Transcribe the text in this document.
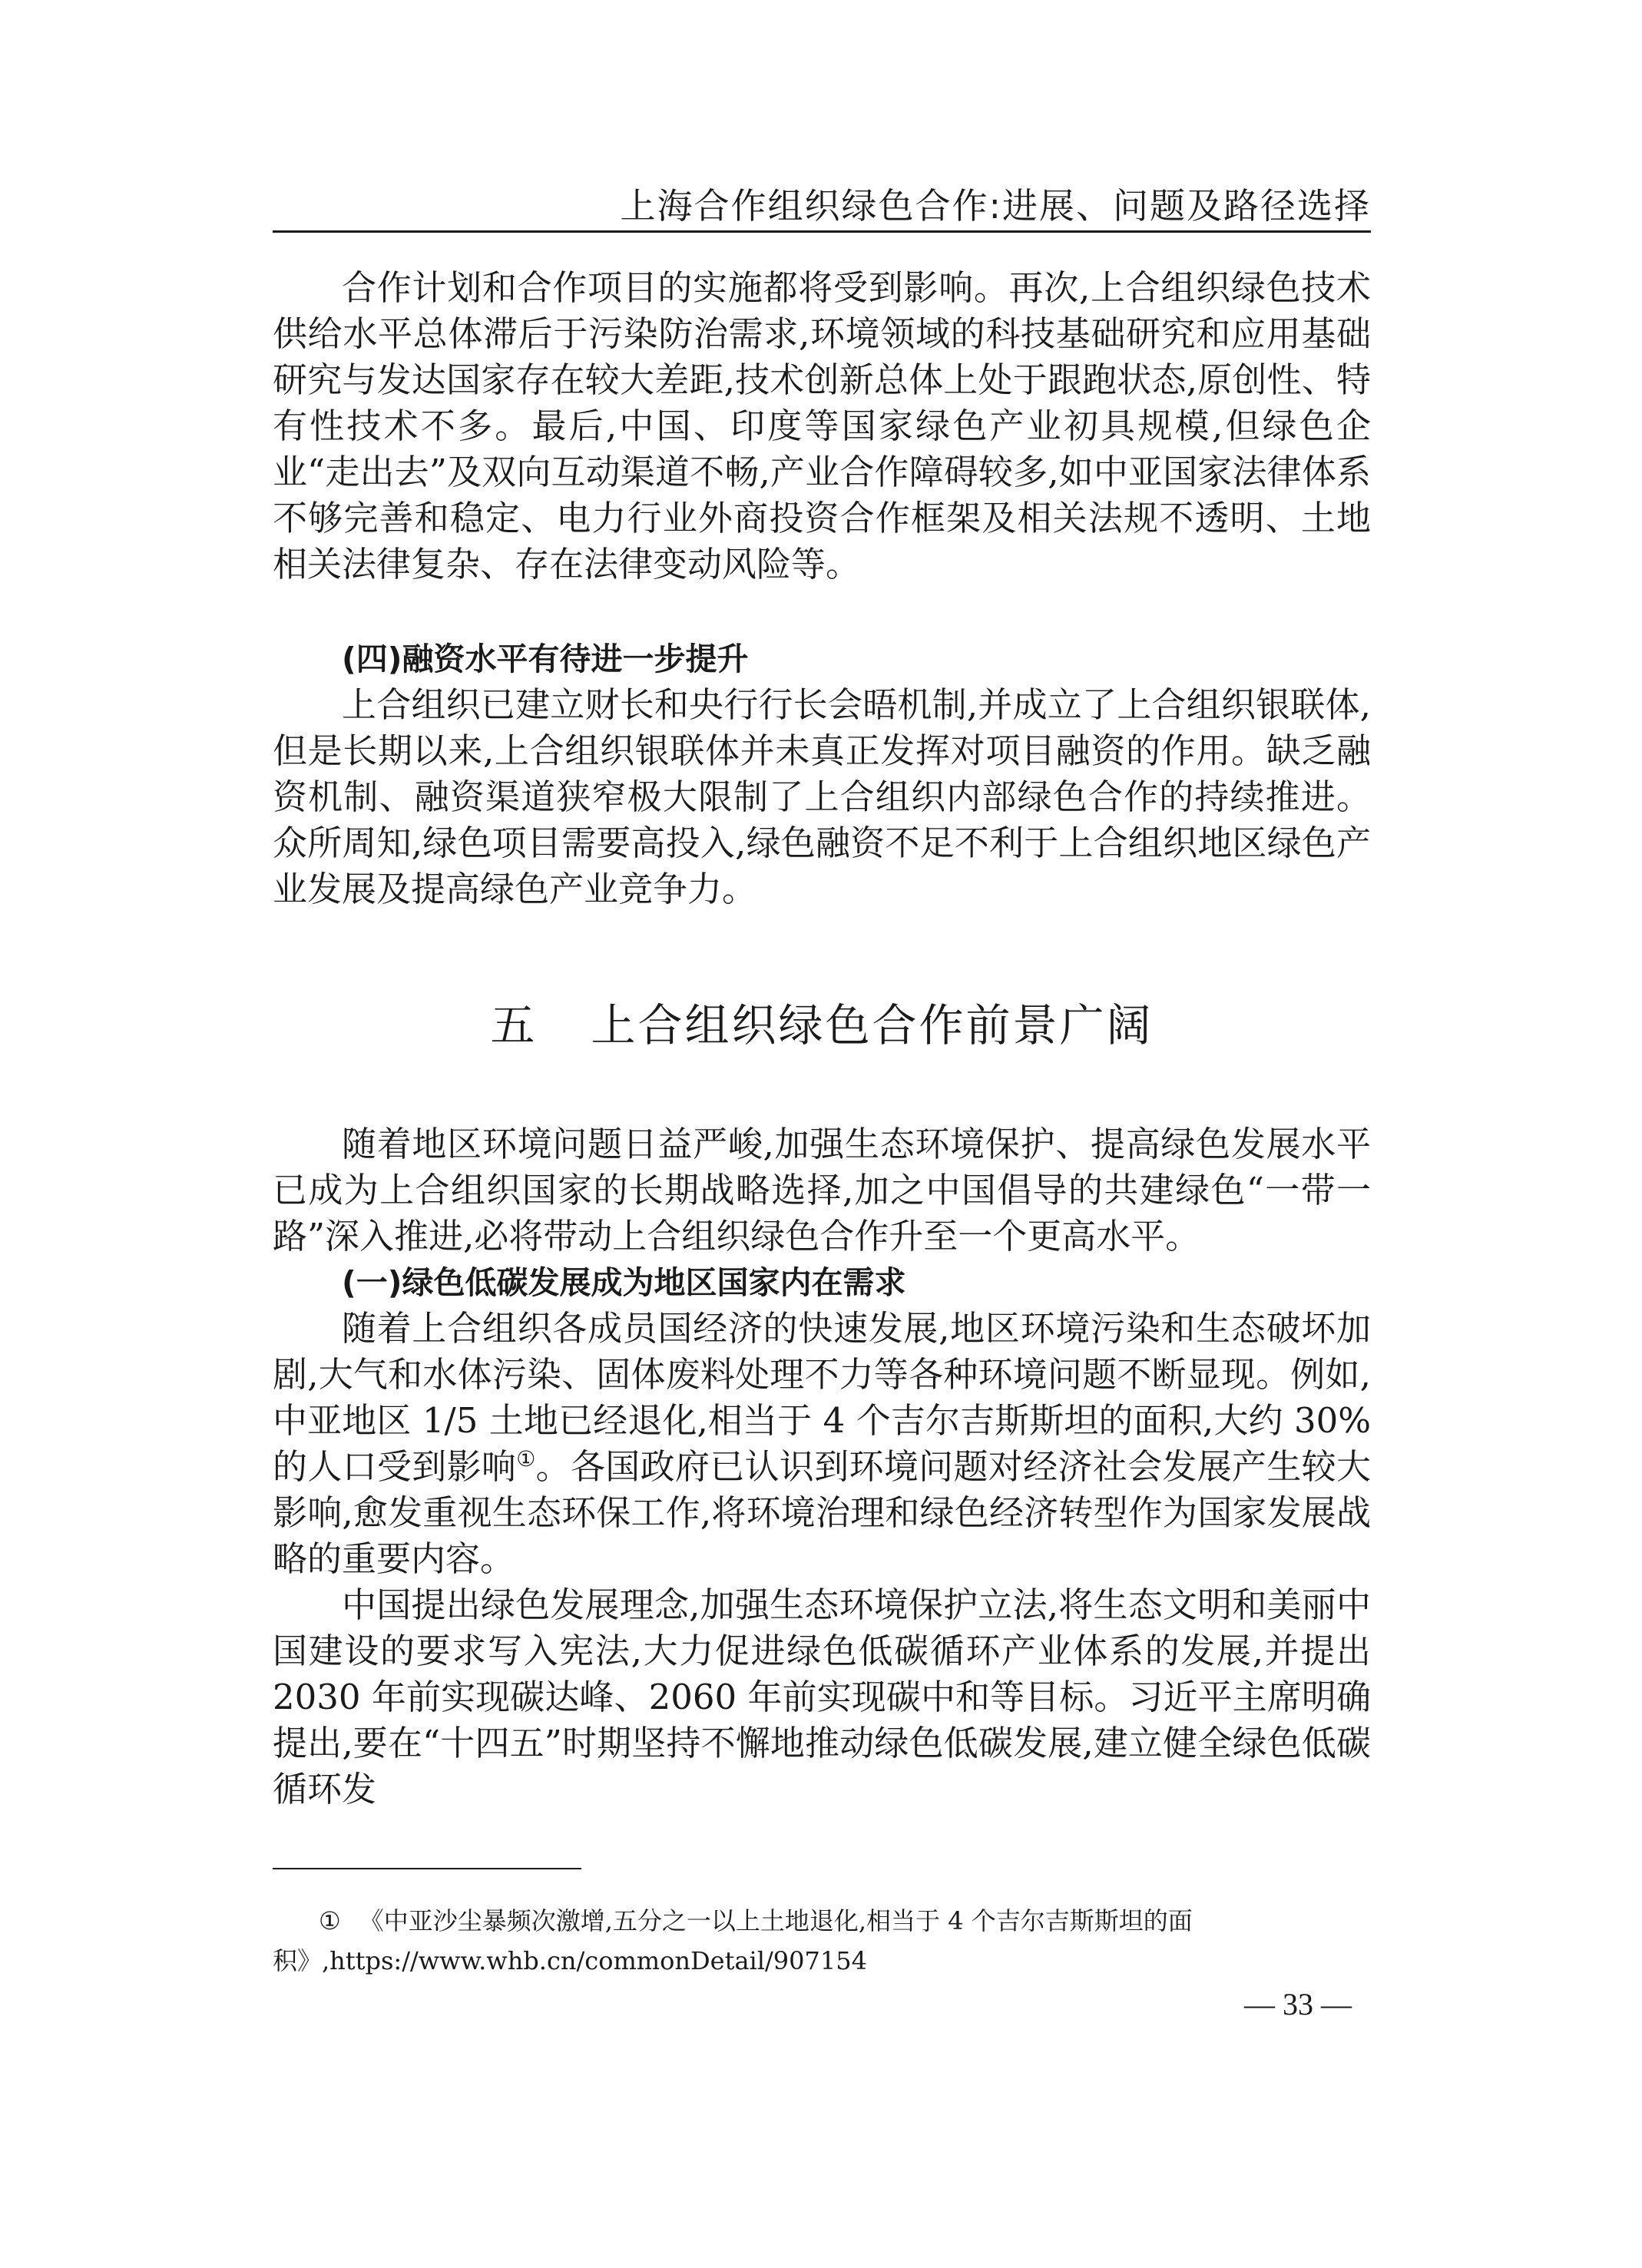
上海合作组织绿色合作:进展、问题及路径选择

合作计划和合作项目的实施都将受到影响。再次,上合组织绿色技术供给水平总体滞后于污染防治需求,环境领域的科技基础研究和应用基础研究与发达国家存在较大差距,技术创新总体上处于跟跑状态,原创性、特有性技术不多。最后,中国、印度等国家绿色产业初具规模,但绿色企业“走出去”及双向互动渠道不畅,产业合作障碍较多,如中亚国家法律体系不够完善和稳定、电力行业外商投资合作框架及相关法规不透明、土地相关法律复杂、存在法律变动风险等。

(四)融资水平有待进一步提升

上合组织已建立财长和央行行长会晤机制,并成立了上合组织银联体,但是长期以来,上合组织银联体并未真正发挥对项目融资的作用。缺乏融资机制、融资渠道狭窄极大限制了上合组织内部绿色合作的持续推进。众所周知,绿色项目需要高投入,绿色融资不足不利于上合组织地区绿色产业发展及提高绿色产业竞争力。

五 上合组织绿色合作前景广阔

随着地区环境问题日益严峻,加强生态环境保护、提高绿色发展水平已成为上合组织国家的长期战略选择,加之中国倡导的共建绿色“一带一路”深入推进,必将带动上合组织绿色合作升至一个更高水平。

(一)绿色低碳发展成为地区国家内在需求

随着上合组织各成员国经济的快速发展,地区环境污染和生态破坏加剧,大气和水体污染、固体废料处理不力等各种环境问题不断显现。例如,中亚地区 1/5 土地已经退化,相当于 4 个吉尔吉斯斯坦的面积,大约 30% 的人口受到影响①。各国政府已认识到环境问题对经济社会发展产生较大影响,愈发重视生态环保工作,将环境治理和绿色经济转型作为国家发展战略的重要内容。

中国提出绿色发展理念,加强生态环境保护立法,将生态文明和美丽中国建设的要求写入宪法,大力促进绿色低碳循环产业体系的发展,并提出 2030 年前实现碳达峰、2060 年前实现碳中和等目标。习近平主席明确提出,要在“十四五”时期坚持不懈地推动绿色低碳发展,建立健全绿色低碳循环发

① 《中亚沙尘暴频次激增,五分之一以上土地退化,相当于 4 个吉尔吉斯斯坦的面积》,https://www.whb.cn/commonDetail/907154

— 33 —
